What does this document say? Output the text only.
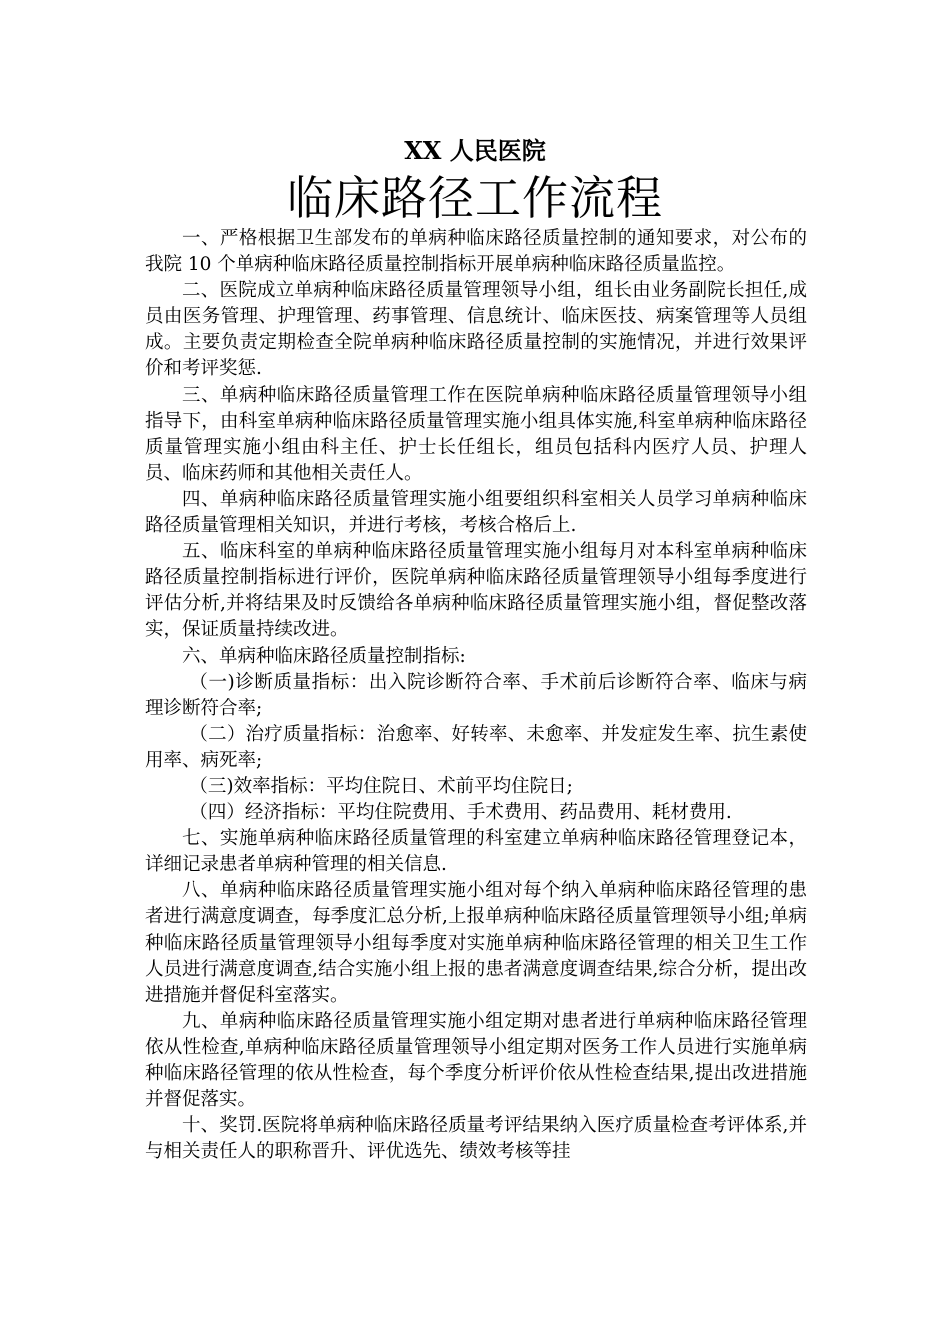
XX 人民医院
临床路径工作流程

一、严格根据卫生部发布的单病种临床路径质量控制的通知要求，对公布的我院 10 个单病种临床路径质量控制指标开展单病种临床路径质量监控。

二、医院成立单病种临床路径质量管理领导小组，组长由业务副院长担任,成员由医务管理、护理管理、药事管理、信息统计、临床医技、病案管理等人员组成。主要负责定期检查全院单病种临床路径质量控制的实施情况，并进行效果评价和考评奖惩.

三、单病种临床路径质量管理工作在医院单病种临床路径质量管理领导小组指导下，由科室单病种临床路径质量管理实施小组具体实施,科室单病种临床路径质量管理实施小组由科主任、护士长任组长，组员包括科内医疗人员、护理人员、临床药师和其他相关责任人。

四、单病种临床路径质量管理实施小组要组织科室相关人员学习单病种临床路径质量管理相关知识，并进行考核，考核合格后上.

五、临床科室的单病种临床路径质量管理实施小组每月对本科室单病种临床路径质量控制指标进行评价，医院单病种临床路径质量管理领导小组每季度进行评估分析,并将结果及时反馈给各单病种临床路径质量管理实施小组，督促整改落实，保证质量持续改进。

六、单病种临床路径质量控制指标:

（一)诊断质量指标：出入院诊断符合率、手术前后诊断符合率、临床与病理诊断符合率;

（二）治疗质量指标：治愈率、好转率、未愈率、并发症发生率、抗生素使用率、病死率;

（三)效率指标：平均住院日、术前平均住院日;

（四）经济指标：平均住院费用、手术费用、药品费用、耗材费用.

七、实施单病种临床路径质量管理的科室建立单病种临床路径管理登记本，详细记录患者单病种管理的相关信息.

八、单病种临床路径质量管理实施小组对每个纳入单病种临床路径管理的患者进行满意度调查，每季度汇总分析,上报单病种临床路径质量管理领导小组;单病种临床路径质量管理领导小组每季度对实施单病种临床路径管理的相关卫生工作人员进行满意度调查,结合实施小组上报的患者满意度调查结果,综合分析，提出改进措施并督促科室落实。

九、单病种临床路径质量管理实施小组定期对患者进行单病种临床路径管理依从性检查,单病种临床路径质量管理领导小组定期对医务工作人员进行实施单病种临床路径管理的依从性检查，每个季度分析评价依从性检查结果,提出改进措施并督促落实。

十、奖罚.医院将单病种临床路径质量考评结果纳入医疗质量检查考评体系,并与相关责任人的职称晋升、评优选先、绩效考核等挂
